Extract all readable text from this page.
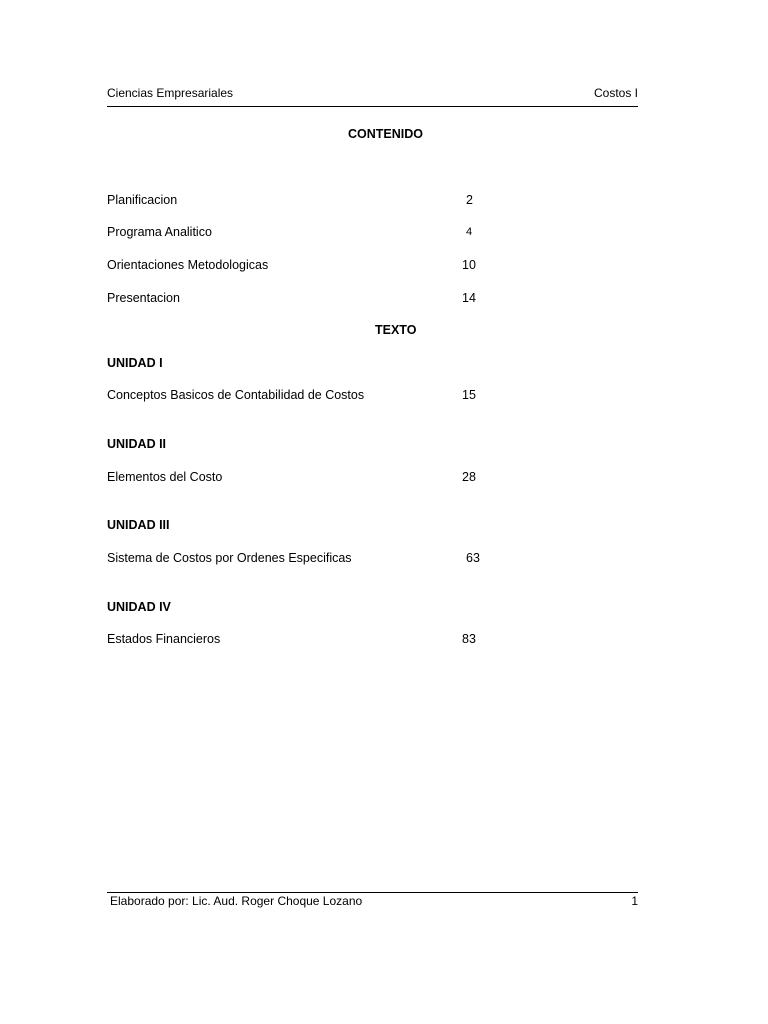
Ciencias Empresariales	Costos I
CONTENIDO
Planificacion	2
Programa Analitico	4
Orientaciones Metodologicas	10
Presentacion	14
TEXTO
UNIDAD I
Conceptos Basicos de Contabilidad de Costos	15
UNIDAD II
Elementos del Costo	28
UNIDAD III
Sistema de Costos por Ordenes Especificas	63
UNIDAD IV
Estados Financieros	83
Elaborado por: Lic. Aud. Roger Choque Lozano	1
